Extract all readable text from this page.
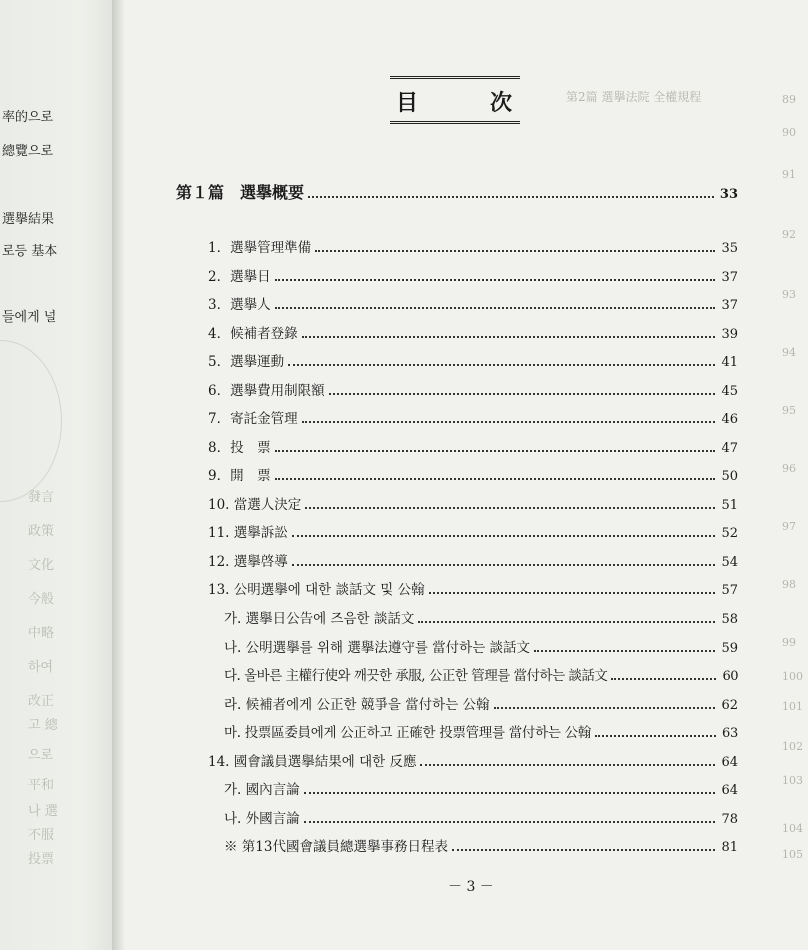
率的으로
總覽으로
選擧結果
로등 基本
들에게 널
發言
政策
文化
今般
中略
하여
改正
고 總
으로
平和
나 選
不服
投票
第2篇 選擧法院 全權規程	89
90
91
92
93
94
95
96
97
98
99
100
101
102
103
104
105
目	次
第１篇　選擧概要	33
1．選擧管理準備	35
2．選擧日	37
3．選擧人	37
4．候補者登錄	39
5．選擧運動	41
6．選擧費用制限額	45
7．寄託金管理	46
8．投　票	47
9．開　票	50
10. 當選人決定	51
11. 選擧訴訟	52
12. 選擧啓導	54
13. 公明選擧에 대한 談話文 및 公翰	57
가. 選擧日公告에 즈음한 談話文	58
나. 公明選擧를 위해 選擧法遵守를 當付하는 談話文	59
다. 올바른 主權行使와 깨끗한 承服, 公正한 管理를 當付하는 談話文	60
라. 候補者에게 公正한 競爭을 當付하는 公翰	62
마. 投票區委員에게 公正하고 正確한 投票管理를 當付하는 公翰	63
14. 國會議員選擧結果에 대한 反應	64
가. 國內言論	64
나. 外國言論	78
※ 第13代國會議員總選擧事務日程表	81
－ 3 －
